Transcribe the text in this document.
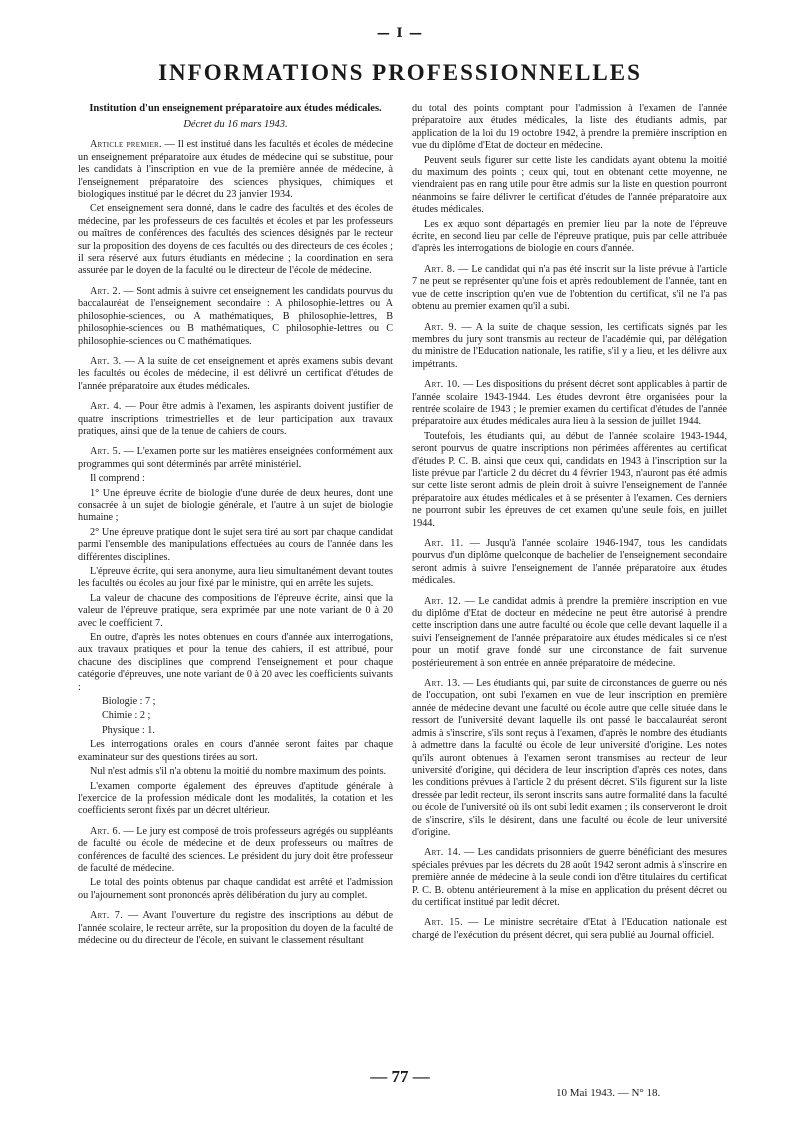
— I —
INFORMATIONS PROFESSIONNELLES
Institution d'un enseignement préparatoire aux études médicales.
Décret du 16 mars 1943.

Article premier. — Il est institué dans les facultés et écoles de médecine un enseignement préparatoire aux études de médecine qui se substitue, pour les candidats à l'inscription en vue de la première année de médecine, à l'enseignement préparatoire des sciences physiques, chimiques et biologiques institué par le décret du 23 janvier 1934.

Cet enseignement sera donné, dans le cadre des facultés et des écoles de médecine, par les professeurs de ces facultés et écoles et par les professeurs ou maîtres de conférences des facultés des sciences désignés par le recteur sur la proposition des doyens de ces facultés ou des directeurs de ces écoles ; il sera réservé aux futurs étudiants en médecine ; la coordination en sera assurée par le doyen de la faculté ou le directeur de l'école de médecine.

Art. 2. — Sont admis à suivre cet enseignement les candidats pourvus du baccalauréat de l'enseignement secondaire : A philosophie-lettres ou A philosophie-sciences, ou A mathématiques, B philosophie-lettres, B philosophie-sciences ou B mathématiques, C philosophie-lettres ou C philosophie-sciences ou C mathématiques.

Art. 3. — A la suite de cet enseignement et après examens subis devant les facultés ou écoles de médecine, il est délivré un certificat d'études de l'année préparatoire aux études médicales.

Art. 4. — Pour être admis à l'examen, les aspirants doivent justifier de quatre inscriptions trimestrielles et de leur participation aux travaux pratiques, ainsi que de la tenue de cahiers de cours.

Art. 5. — L'examen porte sur les matières enseignées conformément aux programmes qui sont déterminés par arrêté ministériel.

Il comprend :

1° Une épreuve écrite de biologie d'une durée de deux heures, dont une consacrée à un sujet de biologie générale, et l'autre à un sujet de biologie humaine ;

2° Une épreuve pratique dont le sujet sera tiré au sort par chaque candidat parmi l'ensemble des manipulations effectuées au cours de l'année dans les différentes disciplines.

L'épreuve écrite, qui sera anonyme, aura lieu simultanément devant toutes les facultés ou écoles au jour fixé par le ministre, qui en arrête les sujets.

La valeur de chacune des compositions de l'épreuve écrite, ainsi que la valeur de l'épreuve pratique, sera exprimée par une note variant de 0 à 20 avec le coefficient 7.

En outre, d'après les notes obtenues en cours d'année aux interrogations, aux travaux pratiques et pour la tenue des cahiers, il est attribué, pour chacune des disciplines que comprend l'enseignement et pour chaque catégorie d'épreuves, une note variant de 0 à 20 avec les coefficients suivants :

Biologie : 7 ;

Chimie : 2 ;

Physique : 1.

Les interrogations orales en cours d'année seront faites par chaque examinateur sur des questions tirées au sort.

Nul n'est admis s'il n'a obtenu la moitié du nombre maximum des points.

L'examen comporte également des épreuves d'aptitude générale à l'exercice de la profession médicale dont les modalités, la cotation et les coefficients seront fixés par un décret ultérieur.

Art. 6. — Le jury est composé de trois professeurs agrégés ou suppléants de faculté ou école de médecine et de deux professeurs ou maîtres de conférences de faculté des sciences. Le président du jury doit être professeur de faculté de médecine.

Le total des points obtenus par chaque candidat est arrêté et l'admission ou l'ajournement sont prononcés après délibération du jury au complet.

Art. 7. — Avant l'ouverture du registre des inscriptions au début de l'année scolaire, le recteur arrête, sur la proposition du doyen de la faculté de médecine ou du directeur de l'école, en suivant le classement résultant

du total des points comptant pour l'admission à l'examen de l'année préparatoire aux études médicales, la liste des étudiants admis, par application de la loi du 19 octobre 1942, à prendre la première inscription en vue du diplôme d'Etat de docteur en médecine.

Peuvent seuls figurer sur cette liste les candidats ayant obtenu la moitié du maximum des points ; ceux qui, tout en obtenant cette moyenne, ne viendraient pas en rang utile pour être admis sur la liste en question pourront néanmoins se faire délivrer le certificat d'études de l'année préparatoire aux études médicales.

Les ex æquo sont départagés en premier lieu par la note de l'épreuve écrite, en second lieu par celle de l'épreuve pratique, puis par celle attribuée d'après les interrogations de biologie en cours d'année.

Art. 8. — Le candidat qui n'a pas été inscrit sur la liste prévue à l'article 7 ne peut se représenter qu'une fois et après redoublement de l'année, tant en vue de cette inscription qu'en vue de l'obtention du certificat, s'il ne l'a pas obtenu au premier examen qu'il a subi.

Art. 9. — A la suite de chaque session, les certificats signés par les membres du jury sont transmis au recteur de l'académie qui, par délégation du ministre de l'Education nationale, les ratifie, s'il y a lieu, et les délivre aux impétrants.

Art. 10. — Les dispositions du présent décret sont applicables à partir de l'année scolaire 1943-1944. Les études devront être organisées pour la rentrée scolaire de 1943 ; le premier examen du certificat d'études de l'année préparatoire aux études médicales aura lieu à la session de juillet 1944.

Toutefois, les étudiants qui, au début de l'année scolaire 1943-1944, seront pourvus de quatre inscriptions non périmées afférentes au certificat d'études P. C. B. ainsi que ceux qui, candidats en 1943 à l'inscription sur la liste prévue par l'article 2 du décret du 4 février 1943, n'auront pas été admis sur cette liste seront admis de plein droit à suivre l'enseignement de l'année préparatoire aux études médicales et à se présenter à l'examen. Ces derniers ne pourront subir les épreuves de cet examen qu'une seule fois, en juillet 1944.

Art. 11. — Jusqu'à l'année scolaire 1946-1947, tous les candidats pourvus d'un diplôme quelconque de bachelier de l'enseignement secondaire seront admis à suivre l'enseignement de l'année préparatoire aux études médicales.

Art. 12. — Le candidat admis à prendre la première inscription en vue du diplôme d'Etat de docteur en médecine ne peut être autorisé à prendre cette inscription dans une autre faculté ou école que celle devant laquelle il a suivi l'enseignement de l'année préparatoire aux études médicales si ce n'est pour un motif grave fondé sur une circonstance de fait survenue postérieurement à son entrée en année préparatoire de médecine.

Art. 13. — Les étudiants qui, par suite de circonstances de guerre ou nés de l'occupation, ont subi l'examen en vue de leur inscription en première année de médecine devant une faculté ou école autre que celle située dans le ressort de l'université devant laquelle ils ont passé le baccalauréat seront admis à s'inscrire, s'ils sont reçus à l'examen, d'après le nombre des étudiants à admettre dans la faculté ou école de leur université d'origine. Les notes qu'ils auront obtenues à l'examen seront transmises au recteur de leur université d'origine, qui décidera de leur inscription d'après ces notes, dans les conditions prévues à l'article 2 du présent décret. S'ils figurent sur la liste dressée par ledit recteur, ils seront inscrits sans autre formalité dans la faculté ou école de l'université où ils ont subi ledit examen ; ils conserveront le droit de s'inscrire, s'ils le désirent, dans une faculté ou école de leur université d'origine.

Art. 14. — Les candidats prisonniers de guerre bénéficiant des mesures spéciales prévues par les décrets du 28 août 1942 seront admis à s'inscrire en première année de médecine à la seule condi ion d'être titulaires du certificat P. C. B. obtenu antérieurement à la mise en application du présent décret ou du certificat institué par ledit décret.

Art. 15. — Le ministre secrétaire d'Etat à l'Education nationale est chargé de l'exécution du présent décret, qui sera publié au Journal officiel.

— 77 —
10 Mai 1943. — N° 18.
